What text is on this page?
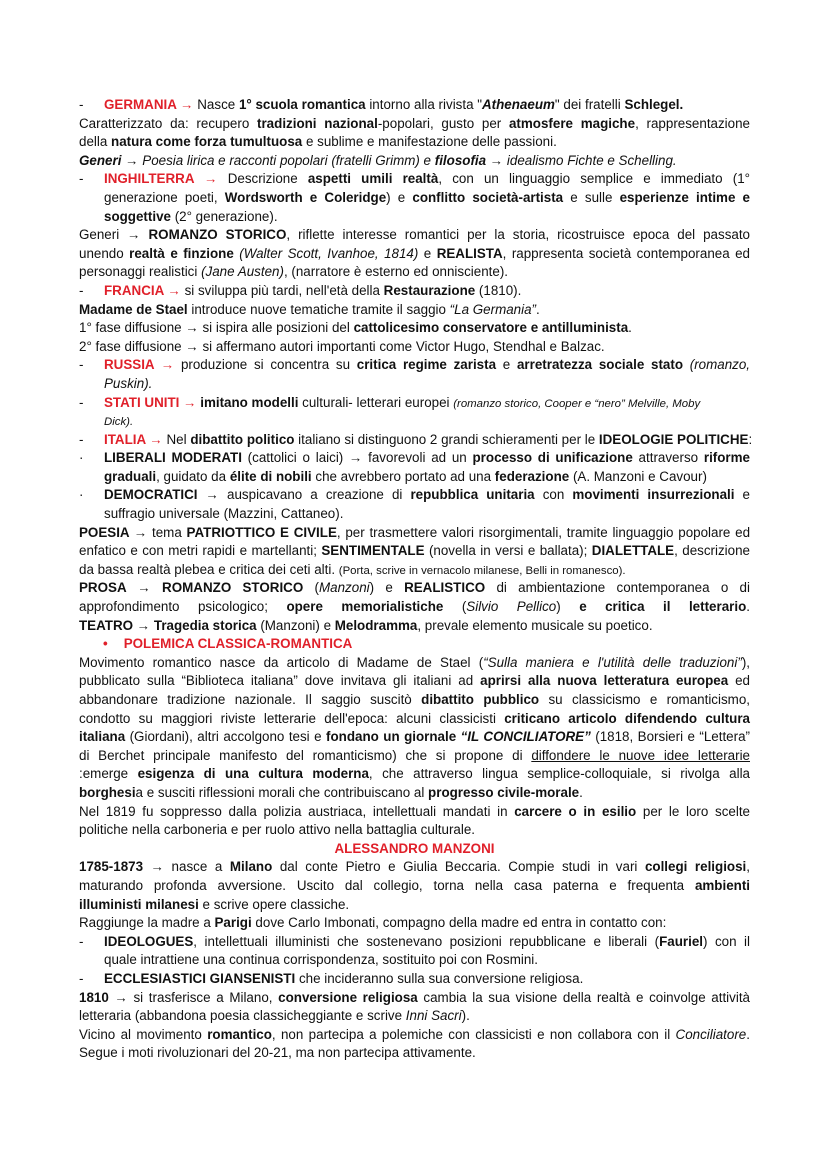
- GERMANIA → Nasce 1° scuola romantica intorno alla rivista "Athenaeum" dei fratelli Schlegel.
Caratterizzato da: recupero tradizioni nazional-popolari, gusto per atmosfere magiche, rappresentazione
della natura come forza tumultuosa e sublime e manifestazione delle passioni.
Generi → Poesia lirica e racconti popolari (fratelli Grimm) e filosofia → idealismo Fichte e Schelling.
- INGHILTERRA → Descrizione aspetti umili realtà, con un linguaggio semplice e immediato (1°
generazione poeti, Wordsworth e Coleridge) e conflitto società-artista e sulle esperienze intime e
soggettive (2° generazione).
Generi → ROMANZO STORICO, riflette interesse romantici per la storia, ricostruisce epoca del passato
unendo realtà e finzione (Walter Scott, Ivanhoe, 1814) e REALISTA, rappresenta società contemporanea ed
personaggi realistici (Jane Austen), (narratore è esterno ed onnisciente).
- FRANCIA → si sviluppa più tardi, nell'età della Restaurazione (1810).
Madame de Stael introduce nuove tematiche tramite il saggio “La Germania”.
1° fase diffusione → si ispira alle posizioni del cattolicesimo conservatore e antilluminista.
2° fase diffusione → si affermano autori importanti come Victor Hugo, Stendhal e Balzac.
- RUSSIA → produzione si concentra su critica regime zarista e arretratezza sociale stato (romanzo,
Puskin).
- STATI UNITI → imitano modelli culturali- letterari europei (romanzo storico, Cooper e “nero” Melville, Moby
Dick).
- ITALIA → Nel dibattito politico italiano si distinguono 2 grandi schieramenti per le IDEOLOGIE POLITICHE:
· LIBERALI MODERATI (cattolici o laici) → favorevoli ad un processo di unificazione attraverso riforme
graduali, guidato da élite di nobili che avrebbero portato ad una federazione (A. Manzoni e Cavour)
· DEMOCRATICI → auspicavano a creazione di repubblica unitaria con movimenti insurrezionali e
suffragio universale (Mazzini, Cattaneo).
POESIA → tema PATRIOTTICO E CIVILE, per trasmettere valori risorgimentali, tramite linguaggio popolare ed
enfatico e con metri rapidi e martellanti; SENTIMENTALE (novella in versi e ballata); DIALETTALE, descrizione
da bassa realtà plebea e critica dei ceti alti. (Porta, scrive in vernacolo milanese, Belli in romanesco).
PROSA → ROMANZO STORICO (Manzoni) e REALISTICO di ambientazione contemporanea o di
approfondimento psicologico; opere memorialistiche (Silvio Pellico) e critica il letterario.
TEATRO → Tragedia storica (Manzoni) e Melodramma, prevale elemento musicale su poetico.
• POLEMICA CLASSICA-ROMANTICA
Movimento romantico nasce da articolo di Madame de Stael (“Sulla maniera e l'utilità delle traduzioni”),
pubblicato sulla “Biblioteca italiana” dove invitava gli italiani ad aprirsi alla nuova letteratura europea ed
abbandonare tradizione nazionale. Il saggio suscitò dibattito pubblico su classicismo e romanticismo,
condotto su maggiori riviste letterarie dell'epoca: alcuni classicisti criticano articolo difendendo cultura
italiana (Giordani), altri accolgono tesi e fondano un giornale “IL CONCILIATORE” (1818, Borsieri e “Lettera”
di Berchet principale manifesto del romanticismo) che si propone di diffondere le nuove idee letterarie
:emerge esigenza di una cultura moderna, che attraverso lingua semplice-colloquiale, si rivolga alla
borghesia e susciti riflessioni morali che contribuiscano al progresso civile-morale.
Nel 1819 fu soppresso dalla polizia austriaca, intellettuali mandati in carcere o in esilio per le loro scelte
politiche nella carboneria e per ruolo attivo nella battaglia culturale.
ALESSANDRO MANZONI
1785-1873 → nasce a Milano dal conte Pietro e Giulia Beccaria. Compie studi in vari collegi religiosi,
maturando profonda avversione. Uscito dal collegio, torna nella casa paterna e frequenta ambienti
illuministi milanesi e scrive opere classiche.
Raggiunge la madre a Parigi dove Carlo Imbonati, compagno della madre ed entra in contatto con:
- IDEOLOGUES, intellettuali illuministi che sostenevano posizioni repubblicane e liberali (Fauriel) con il
quale intrattiene una continua corrispondenza, sostituito poi con Rosmini.
- ECCLESIASTICI GIANSENISTI che incideranno sulla sua conversione religiosa.
1810 → si trasferisce a Milano, conversione religiosa cambia la sua visione della realtà e coinvolge attività
letteraria (abbandona poesia classicheggiante e scrive Inni Sacri).
Vicino al movimento romantico, non partecipa a polemiche con classicisti e non collabora con il Conciliatore.
Segue i moti rivoluzionari del 20-21, ma non partecipa attivamente.
